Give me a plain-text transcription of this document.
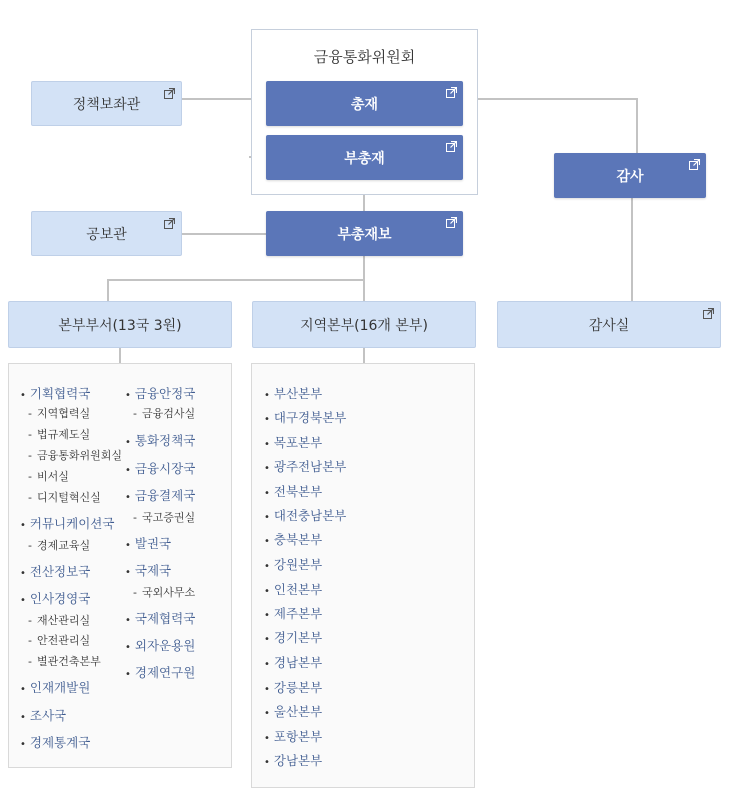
금융통화위원회
총재
부총재
정책보좌관
감사
공보관	부총재보
본부부서(13국 3원)	지역본부(16개 본부)	감사실
• 기획협력국
- 지역협력실
- 법규제도실
- 금융통화위원회실
- 비서실
- 디지털혁신실
• 커뮤니케이션국
- 경제교육실
• 전산정보국
• 인사경영국
- 재산관리실
- 안전관리실
- 별관건축본부
• 인재개발원
• 조사국
• 경제통계국
• 금융안정국
- 금융검사실
• 통화정책국
• 금융시장국
• 금융결제국
- 국고증권실
• 발권국
• 국제국
- 국외사무소
• 국제협력국
• 외자운용원
• 경제연구원
• 부산본부
• 대구경북본부
• 목포본부
• 광주전남본부
• 전북본부
• 대전충남본부
• 충북본부
• 강원본부
• 인천본부
• 제주본부
• 경기본부
• 경남본부
• 강릉본부
• 울산본부
• 포항본부
• 강남본부
